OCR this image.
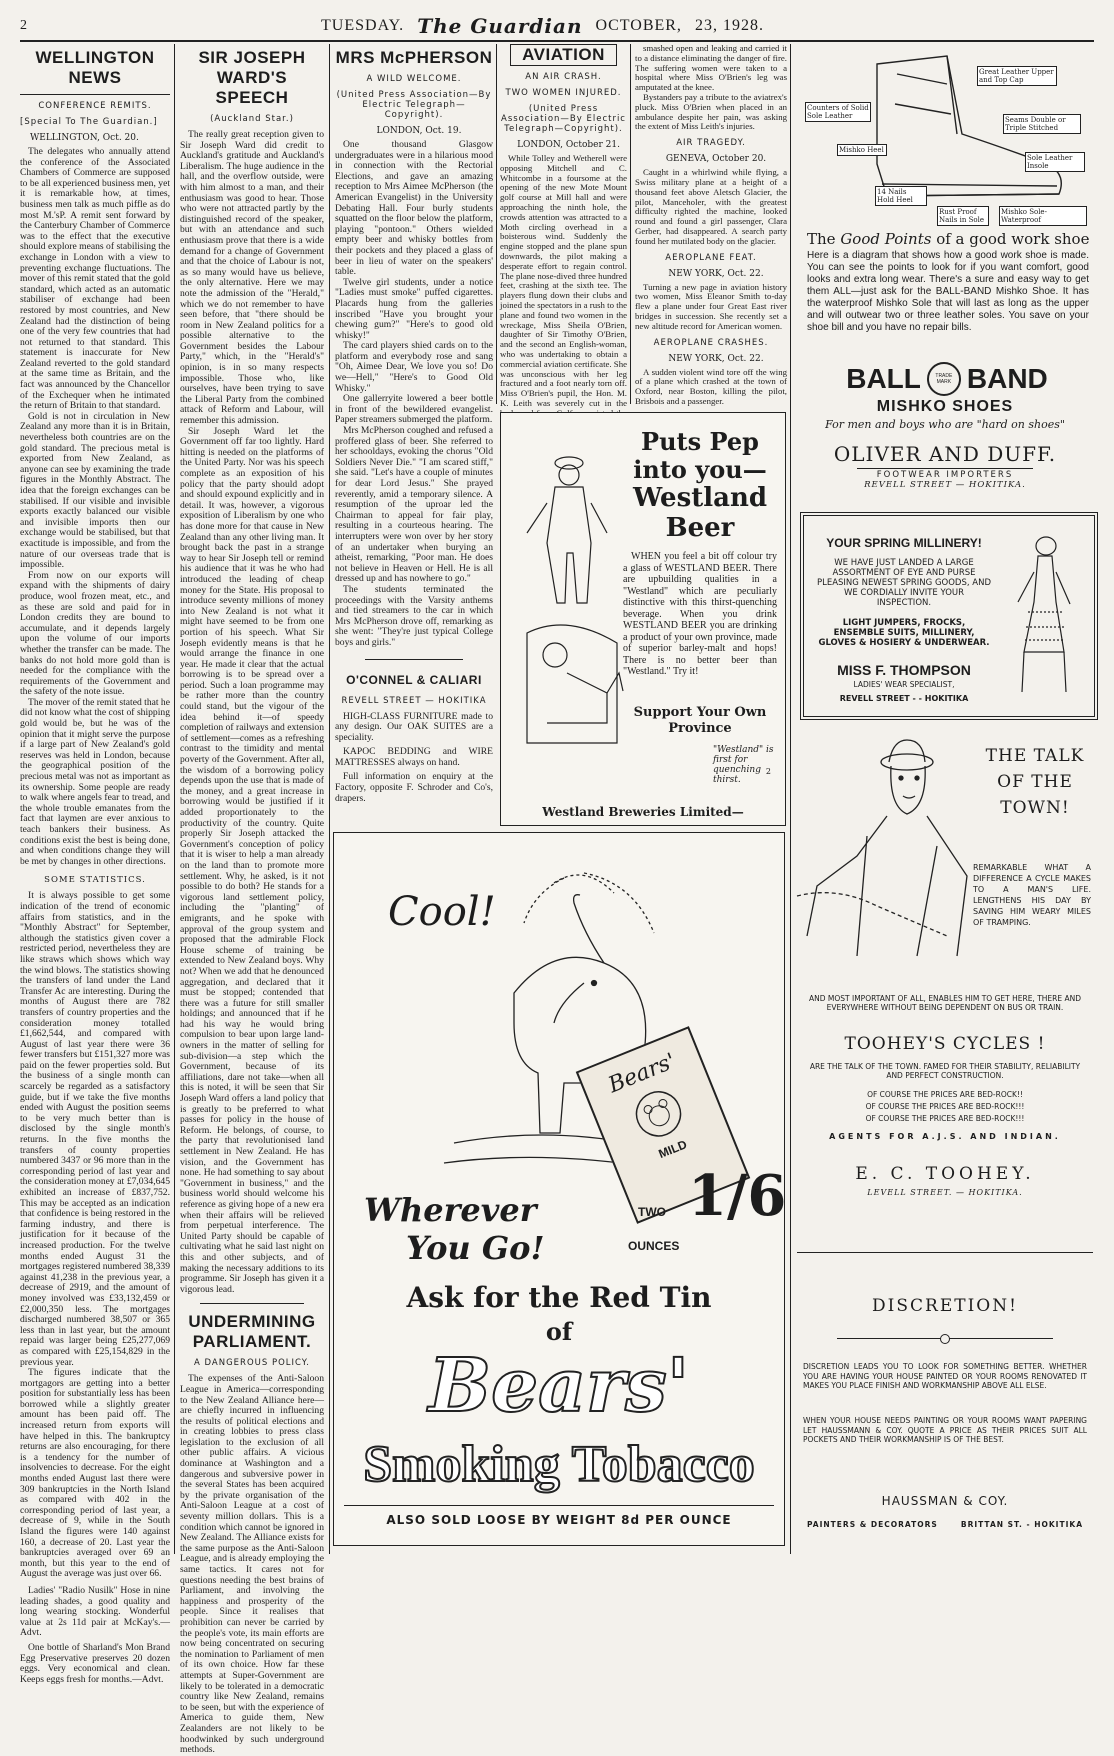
2	TUESDAY. The Guardian OCTOBER, 23, 1928.
WELLINGTON NEWS
CONFERENCE REMITS.
[Special To The Guardian.]
WELLINGTON, Oct. 20.

The delegates who annually attend the conference of the Associated Chambers of Commerce are supposed to be all experienced business men, yet it is remarkable how, at times, business men talk as much piffle as do most M.'sP. A remit sent forward by the Canterbury Chamber of Commerce was to the effect that the executive should explore means of stabilising the exchange in London with a view to preventing exchange fluctuations. The mover of this remit stated that the gold standard, which acted as an automatic stabiliser of exchange had been restored by most countries, and New Zealand had the distinction of being one of the very few countries that had not returned to that standard. This statement is inaccurate for New Zealand reverted to the gold standard at the same time as Britain, and the fact was announced by the Chancellor of the Exchequer when he intimated the return of Britain to that standard.

Gold is not in circulation in New Zealand any more than it is in Britain, nevertheless both countries are on the gold standard. The precious metal is exported from New Zealand, as anyone can see by examining the trade figures in the Monthly Abstract. The idea that the foreign exchanges can be stabilised. If our visible and invisible exports exactly balanced our visible and invisible imports then our exchange would be stabilised, but that exactitude is impossible, and from the nature of our overseas trade that is impossible.

From now on our exports will expand with the shipments of dairy produce, wool frozen meat, etc., and as these are sold and paid for in London credits they are bound to accumulate, and it depends largely upon the volume of our imports whether the transfer can be made. The banks do not hold more gold than is needed for the compliance with the requirements of the Government and the safety of the note issue.

The mover of the remit stated that he did not know what the cost of shipping gold would be, but he was of the opinion that it might serve the purpose if a large part of New Zealand's gold reserves was held in London, because the geographical position of the precious metal was not as important as its ownership. Some people are ready to walk where angels fear to tread, and the whole trouble emanates from the fact that laymen are ever anxious to teach bankers their business. As conditions exist the best is being done, and when conditions change they will be met by changes in other directions.

SOME STATISTICS.

It is always possible to get some indication of the trend of economic affairs from statistics, and in the "Monthly Abstract" for September, although the statistics given cover a restricted period, nevertheless they are like straws which shows which way the wind blows. The statistics showing the transfers of land under the Land Transfer Ac are interesting. During the months of August there are 782 transfers of country properties and the consideration money totalled £1,662,544, and compared with August of last year there were 36 fewer transfers but £151,327 more was paid on the fewer properties sold. But the business of a single month can scarcely be regarded as a satisfactory guide, but if we take the five months ended with August the position seems to be very much better than is disclosed by the single month's returns. In the five months the transfers of county properties numbered 3437 or 96 more than in the corresponding period of last year and the consideration money at £7,034,645 exhibited an increase of £837,752. This may be accepted as an indication that confidence is being restored in the farming industry, and there is justification for it because of the increased production. For the twelve months ended August 31 the mortgages registered numbered 38,339 against 41,238 in the previous year, a decrease of 2919, and the amount of money involved was £33,132,459 or £2,000,350 less. The mortgages discharged numbered 38,507 or 365 less than in last year, but the amount repaid was larger being £25,277,069 as compared with £25,154,829 in the previous year.

The figures indicate that the mortgagors are getting into a better position for substantially less has been borrowed while a slightly greater amount has been paid off. The increased return from exports will have helped in this. The bankruptcy returns are also encouraging, for there is a tendency for the number of insolvencies to decrease. For the eight months ended August last there were 309 bankruptcies in the North Island as compared with 402 in the corresponding period of last year, a decrease of 9, while in the South Island the figures were 140 against 160, a decrease of 20. Last year the bankruptcies averaged over 69 an month, but this year to the end of August the average was just over 66.

Ladies' "Radio Nusilk" Hose in nine leading shades, a good quality and long wearing stocking. Wonderful value at 2s 11d pair at McKay's.—Advt.

One bottle of Sharland's Mon Brand Egg Preservative preserves 20 dozen eggs. Very economical and clean. Keeps eggs fresh for months.—Advt.

SIR JOSEPH WARD'S SPEECH
(Auckland Star.)

The really great reception given to Sir Joseph Ward did credit to Auckland's gratitude and Auckland's Liberalism. The huge audience in the hall, and the overflow outside, were with him almost to a man, and their enthusiasm was good to hear. Those who were not attracted partly by the distinguished record of the speaker, but with an attendance and such enthusiasm prove that there is a wide demand for a change of Government and that the choice of Labour is not, as so many would have us believe, the only alternative. Here we may note the admission of the "Herald," which we do not remember to have seen before, that "there should be room in New Zealand politics for a possible alternative to the Government besides the Labour Party," which, in the "Herald's" opinion, is in so many respects impossible. Those who, like ourselves, have been trying to save the Liberal Party from the combined attack of Reform and Labour, will remember this admission.

Sir Joseph Ward let the Government off far too lightly. Hard hitting is needed on the platforms of the United Party. Nor was his speech complete as an exposition of his policy that the party should adopt and should expound explicitly and in detail. It was, however, a vigorous exposition of Liberalism by one who has done more for that cause in New Zealand than any other living man. It brought back the past in a strange way to hear Sir Joseph tell or remind his audience that it was he who had introduced the leading of cheap money for the State. His proposal to introduce seventy millions of money into New Zealand is not what it might have seemed to be from one portion of his speech. What Sir Joseph evidently means is that he would arrange the finance in one year. He made it clear that the actual borrowing is to be spread over a period. Such a loan programme may be rather more than the country could stand, but the vigour of the idea behind it—of speedy completion of railways and extension of settlement—comes as a refreshing contrast to the timidity and mental poverty of the Government. After all, the wisdom of a borrowing policy depends upon the use that is made of the money, and a great increase in borrowing would be justified if it added proportionately to the productivity of the country. Quite properly Sir Joseph attacked the Government's conception of policy that it is wiser to help a man already on the land than to promote more settlement. Why, he asked, is it not possible to do both? He stands for a vigorous land settlement policy, including the "planting" of emigrants, and he spoke with approval of the group system and proposed that the admirable Flock House scheme of training be extended to New Zealand boys. Why not? When we add that he denounced aggregation, and declared that it must be stopped; contended that there was a future for still smaller holdings; and announced that if he had his way he would bring compulsion to bear upon large land-owners in the matter of selling for sub-division—a step which the Government, because of its affiliations, dare not take—when all this is noted, it will be seen that Sir Joseph Ward offers a land policy that is greatly to be preferred to what passes for policy in the house of Reform. He belongs, of course, to the party that revolutionised land settlement in New Zealand. He has vision, and the Government has none. He had something to say about "Government in business," and the business world should welcome his reference as giving hope of a new era when their affairs will be relieved from perpetual interference. The United Party should be capable of cultivating what he said last night on this and other subjects, and of making the necessary additions to its programme. Sir Joseph has given it a vigorous lead.

UNDERMINING PARLIAMENT.
A DANGEROUS POLICY.

The expenses of the Anti-Saloon League in America—corresponding to the New Zealand Alliance here—are chiefly incurred in influencing the results of political elections and in creating lobbies to press class legislation to the exclusion of all other public affairs. A vicious dominance at Washington and a dangerous and subversive power in the several States has been acquired by the private organisation of the Anti-Saloon League at a cost of seventy million dollars. This is a condition which cannot be ignored in New Zealand. The Alliance exists for the same purpose as the Anti-Saloon League, and is already employing the same tactics. It cares not for questions needing the best brains of Parliament, and involving the happiness and prosperity of the people. Since it realises that prohibition can never be carried by the people's vote, its main efforts are now being concentrated on securing the nomination to Parliament of men of its own choice. How far these attempts at Super-Government are likely to be tolerated in a democratic country like New Zealand, remains to be seen, but with the experience of America to guide them, New Zealanders are not likely to be hoodwinked by such underground methods.

MRS McPHERSON
A WILD WELCOME.
(United Press Association—By Electric Telegraph—Copyright).
LONDON, Oct. 19.

One thousand Glasgow undergraduates were in a hilarious mood in connection with the Rectorial Elections, and gave an amazing reception to Mrs Aimee McPherson (the American Evangelist) in the University Debating Hall. Four burly students squatted on the floor below the platform, playing "pontoon." Others wielded empty beer and whisky bottles from their pockets and they placed a glass of beer in lieu of water on the speakers' table.

Twelve girl students, under a notice "Ladies must smoke" puffed cigarettes. Placards hung from the galleries inscribed "Have you brought your chewing gum?" "Here's to good old whisky!"

The card players shied cards on to the platform and everybody rose and sang "Oh, Aimee Dear, We love you so! Do we—Hell," "Here's to Good Old Whisky."

One gallerryite lowered a beer bottle in front of the bewildered evangelist. Paper streamers submerged the platform.

Mrs McPherson coughed and refused a proffered glass of beer. She referred to her schooldays, evoking the chorus "Old Soldiers Never Die." "I am scared stiff," she said. "Let's have a couple of minutes for dear Lord Jesus." She prayed reverently, amid a temporary silence. A resumption of the uproar led the Chairman to appeal for fair play, resulting in a courteous hearing. The interrupters were won over by her story of an undertaker when burying an atheist, remarking, "Poor man. He does not believe in Heaven or Hell. He is all dressed up and has nowhere to go."

The students terminated the proceedings with the Varsity anthems and tied streamers to the car in which Mrs McPherson drove off, remarking as she went: "They're just typical College boys and girls."

O'CONNEL & CALIARI
REVELL STREET — HOKITIKA

HIGH-CLASS FURNITURE made to any design. Our OAK SUITES are a speciality.

KAPOC BEDDING and WIRE MATTRESSES always on hand.

Full information on enquiry at the Factory, opposite F. Schroder and Co's, drapers.

AVIATION
AN AIR CRASH.
TWO WOMEN INJURED.
(United Press Association—By Electric Telegraph—Copyright).
LONDON, October 21.

While Tolley and Wetherell were opposing Mitchell and C. Whitcombe in a foursome at the opening of the new Mote Mount golf course at Mill hall and were approaching the ninth hole, the crowds attention was attracted to a Moth circling overhead in a boisterous wind. Suddenly the engine stopped and the plane spun downwards, the pilot making a desperate effort to regain control. The plane nose-dived three hundred feet, crashing at the sixth tee. The players flung down their clubs and joined the spectators in a rush to the plane and found two women in the wreckage, Miss Sheila O'Brien, daughter of Sir Timothy O'Brien, and the second an English-woman, who was undertaking to obtain a commercial aviation certificate. She was unconscious with her leg fractured and a foot nearly torn off. Miss O'Brien's pupil, the Hon. M. K. Leith was severely cut in the

smashed open and leaking and carried it to a distance eliminating the danger of fire. The suffering women were taken to a hospital where Miss O'Brien's leg was amputated at the knee.

Bystanders pay a tribute to the aviatrex's pluck. Miss O'Brien when placed in an ambulance despite her pain, was asking the extent of Miss Leith's injuries.

AIR TRAGEDY.
GENEVA, October 20.

Caught in a whirlwind while flying, a Swiss military plane at a height of a thousand feet above Aletsch Glacier, the pilot, Manceholer, with the greatest difficulty righted the machine, looked round and found a girl passenger, Clara Gerber, had disappeared. A search party found her mutilated body on the glacier.

AEROPLANE FEAT.
NEW YORK, Oct. 22.

Turning a new page in aviation history two women, Miss Eleanor Smith to-day flew a plane under four Great East river bridges in succession. She recently set a new altitude record for American women.

AEROPLANE CRASHES.
NEW YORK, Oct. 22.

A sudden violent wind tore off the wing of a plane which crashed at the town of Oxford, near Boston, killing the pilot, Brisbois and a passenger.

Puts Pep
into you—
Westland
Beer

WHEN you feel a bit off colour try a glass of WESTLAND BEER. There are upbuilding qualities in a "Westland" which are peculiarly distinctive with this thirst-quenching beverage. When you drink WESTLAND BEER you are drinking a product of your own province, made of superior barley-malt and hops! There is no better beer than "Westland." Try it!

Support Your Own
Province
"Westland" is first for quenching thirst.
2
Westland Breweries Limited—
Cool!
Bears'
MILD
Wherever
You Go!
TWO
OUNCES
1/6
Ask for the Red Tin
of
Bears'
Smoking Tobacco
ALSO SOLD LOOSE BY WEIGHT 8d PER OUNCE
Great Leather Upper and Top Cap
Counters of Solid Sole Leather	Seams Double or Triple Stitched
Mishko Heel
Sole Leather Insole
14 Nails Hold Heel
Rust Proof Nails in Sole
Mishko Sole-Waterproof
The Good Points of a good work shoe

Here is a diagram that shows how a good work shoe is made. You can see the points to look for if you want comfort, good looks and extra long wear. There's a sure and easy way to get them ALL—just ask for the BALL-BAND Mishko Shoe. It has the waterproof Mishko Sole that will last as long as the upper and will outwear two or three leather soles. You save on your shoe bill and you have no repair bills.

BALL	TRADE MARK BAND
MISHKO SHOES
For men and boys who are "hard on shoes"
OLIVER AND DUFF.
FOOTWEAR IMPORTERS
REVELL STREET — HOKITIKA.
YOUR SPRING MILLINERY!

WE HAVE JUST LANDED A LARGE ASSORTMENT OF EYE AND PURSE PLEASING NEWEST SPRING GOODS, AND WE CORDIALLY INVITE YOUR INSPECTION.

LIGHT JUMPERS, FROCKS, ENSEMBLE SUITS, MILLINERY, GLOVES & HOSIERY & UNDERWEAR.

MISS F. THOMPSON
LADIES' WEAR SPECIALIST,
REVELL STREET - - HOKITIKA
THE TALK
OF THE
TOWN!

REMARKABLE WHAT A DIFFERENCE A CYCLE MAKES TO A MAN'S LIFE. LENGTHENS HIS DAY BY SAVING HIM WEARY MILES OF TRAMPING.

AND MOST IMPORTANT OF ALL, ENABLES HIM TO GET HERE, THERE AND EVERYWHERE WITHOUT BEING DEPENDENT ON BUS OR TRAIN.

TOOHEY'S CYCLES !

ARE THE TALK OF THE TOWN. FAMED FOR THEIR STABILITY, RELIABILITY AND PERFECT CONSTRUCTION.

OF COURSE THE PRICES ARE BED-ROCK!!
OF COURSE THE PRICES ARE BED-ROCK!!!
OF COURSE THE PRICES ARE BED-ROCK!!!
AGENTS FOR A.J.S. AND INDIAN.
E. C. TOOHEY.
LEVELL STREET. — HOKITIKA.
DISCRETION!

DISCRETION LEADS YOU TO LOOK FOR SOMETHING BETTER. WHETHER YOU ARE HAVING YOUR HOUSE PAINTED OR YOUR ROOMS RENOVATED IT MAKES YOU PLACE FINISH AND WORKMANSHIP ABOVE ALL ELSE.

WHEN YOUR HOUSE NEEDS PAINTING OR YOUR ROOMS WANT PAPERING LET HAUSSMANN & COY. QUOTE A PRICE AS THEIR PRICES SUIT ALL POCKETS AND THEIR WORKMANSHIP IS OF THE BEST.

HAUSSMAN & COY.
PAINTERS & DECORATORS	BRITTAN ST. - HOKITIKA
